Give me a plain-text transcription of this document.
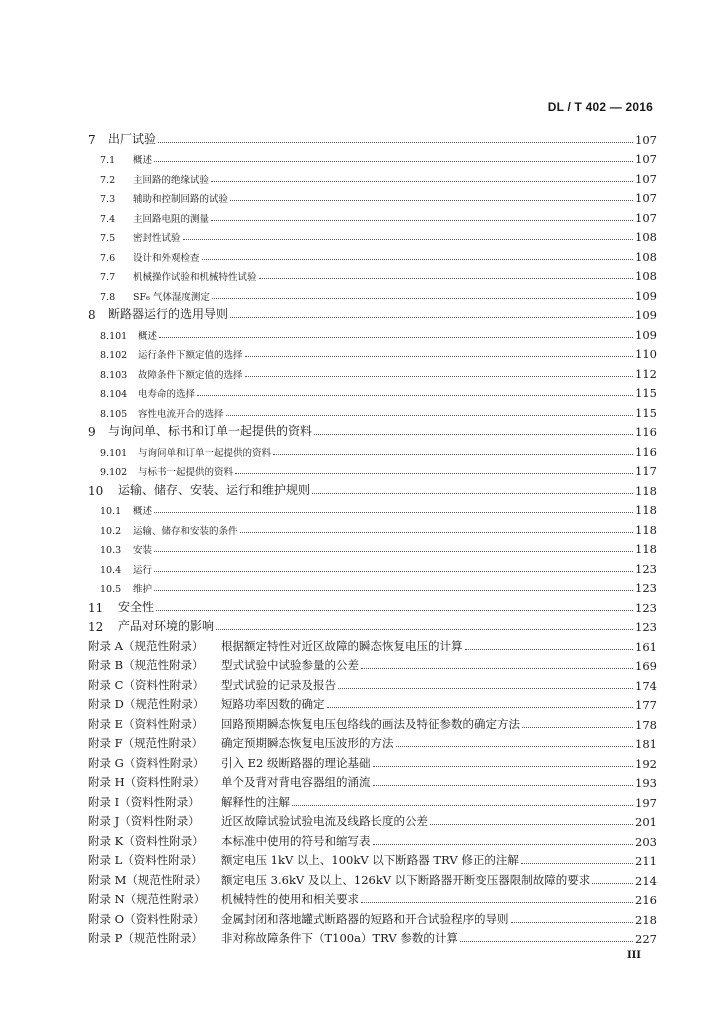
DL / T 402 — 2016
7	出厂试验	107
7.1	概述	107
7.2	主回路的绝缘试验	107
7.3	辅助和控制回路的试验	107
7.4	主回路电阻的测量	107
7.5	密封性试验	108
7.6	设计和外观检查	108
7.7	机械操作试验和机械特性试验	108
7.8	SF₆ 气体湿度测定	109
8	断路器运行的选用导则	109
8.101	概述	109
8.102	运行条件下额定值的选择	110
8.103	故障条件下额定值的选择	112
8.104	电寿命的选择	115
8.105	容性电流开合的选择	115
9	与询问单、标书和订单一起提供的资料	116
9.101	与询问单和订单一起提供的资料	116
9.102	与标书一起提供的资料	117
10	运输、储存、安装、运行和维护规则	118
10.1	概述	118
10.2	运输、储存和安装的条件	118
10.3	安装	118
10.4	运行	123
10.5	维护	123
11	安全性	123
12	产品对环境的影响	123
附录 A（规范性附录）	根据额定特性对近区故障的瞬态恢复电压的计算	161
附录 B（规范性附录）	型式试验中试验参量的公差	169
附录 C（资料性附录）	型式试验的记录及报告	174
附录 D（规范性附录）	短路功率因数的确定	177
附录 E（资料性附录）	回路预期瞬态恢复电压包络线的画法及特征参数的确定方法	178
附录 F（规范性附录）	确定预期瞬态恢复电压波形的方法	181
附录 G（资料性附录）	引入 E2 级断路器的理论基础	192
附录 H（资料性附录）	单个及背对背电容器组的涌流	193
附录 I（资料性附录）	解释性的注解	197
附录 J（资料性附录）	近区故障试验试验电流及线路长度的公差	201
附录 K（资料性附录）	本标准中使用的符号和缩写表	203
附录 L（资料性附录）	额定电压 1kV 以上、100kV 以下断路器 TRV 修正的注解	211
附录 M（规范性附录）	额定电压 3.6kV 及以上、126kV 以下断路器开断变压器限制故障的要求	214
附录 N（规范性附录）	机械特性的使用和相关要求	216
附录 O（资料性附录）	金属封闭和落地罐式断路器的短路和开合试验程序的导则	218
附录 P（规范性附录）	非对称故障条件下（T100a）TRV 参数的计算	227
III
